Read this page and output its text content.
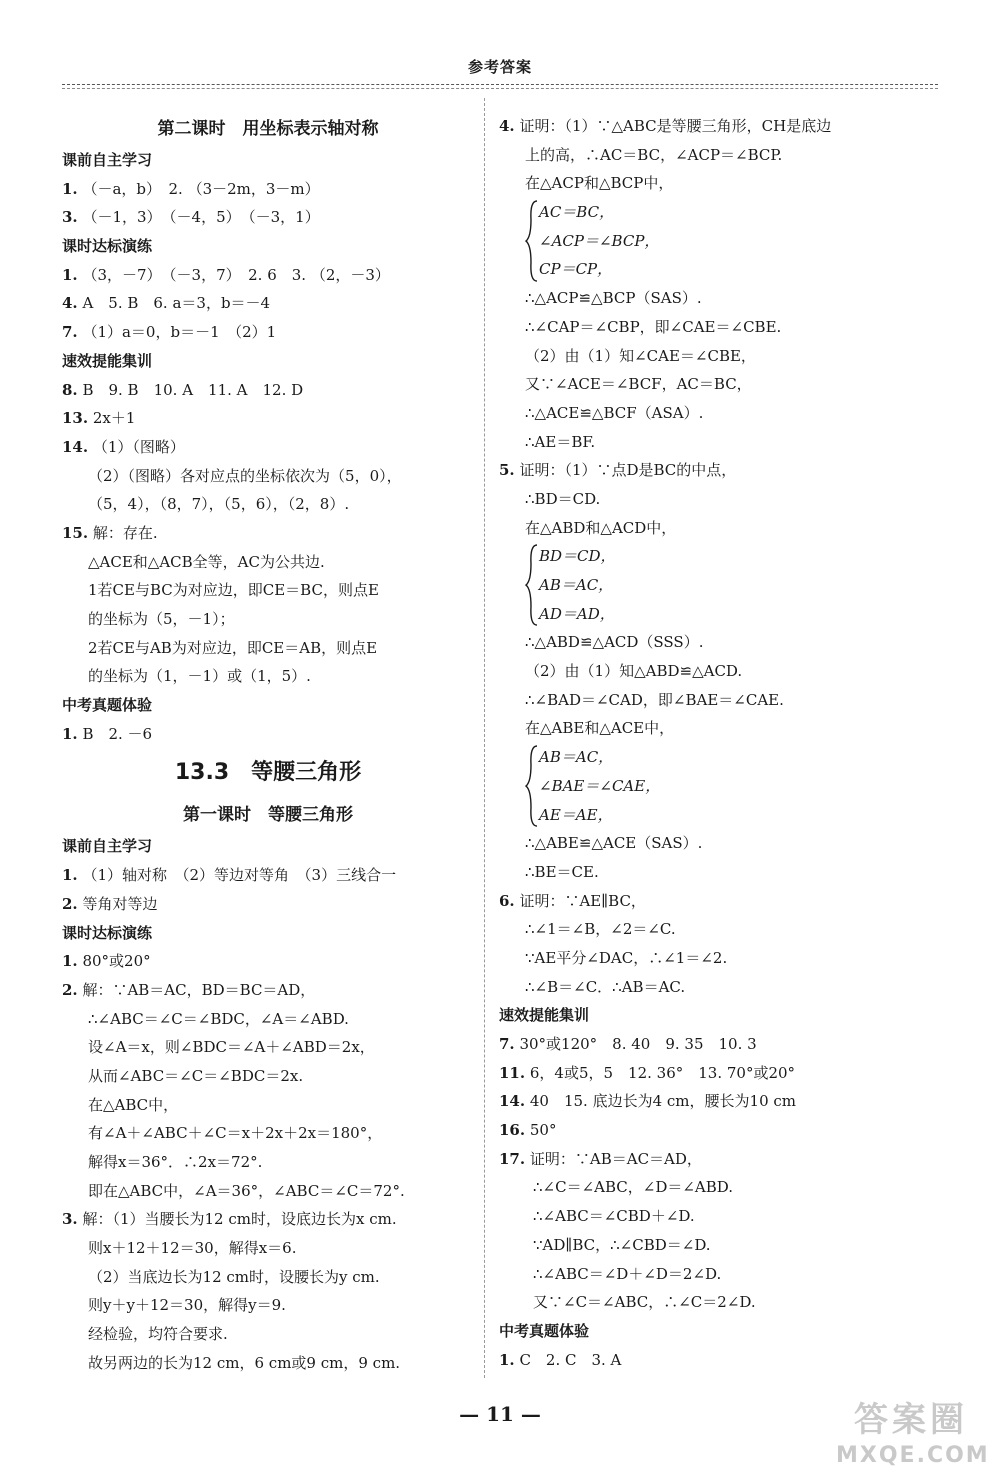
参考答案
第二课时　用坐标表示轴对称
课前自主学习
1. （－a，b）　2. （3－2m，3－m）
3. （－1，3）　（－4，5）　（－3，1）
课时达标演练
1. （3，－7）　（－3，7）　2. 6　3. （2，－3）
4. A　5. B　6. a＝3，b＝－4
7. （1）a＝0，b＝－1　（2）1
速效提能集训
8. B　9. B　10. A　11. A　12. D
13. 2x＋1
14. （1）（图略）
（2）（图略）各对应点的坐标依次为（5，0），
（5，4），（8，7），（5，6），（2，8）.
15. 解：存在.
△ACE和△ACB全等，AC为公共边.
1若CE与BC为对应边，即CE＝BC，则点E
的坐标为（5，－1）；
2若CE与AB为对应边，即CE＝AB，则点E
的坐标为（1，－1）或（1，5）.
中考真题体验
1. B　2. －6
13.3　等腰三角形
第一课时　等腰三角形
课前自主学习
1. （1）轴对称　（2）等边对等角　（3）三线合一
2. 等角对等边
课时达标演练
1. 80°或20°
2. 解：∵AB＝AC，BD＝BC＝AD，
∴∠ABC＝∠C＝∠BDC，∠A＝∠ABD.
设∠A＝x，则∠BDC＝∠A＋∠ABD＝2x，
从而∠ABC＝∠C＝∠BDC＝2x.
在△ABC中，
有∠A＋∠ABC＋∠C＝x＋2x＋2x＝180°，
解得x＝36°．∴2x＝72°.
即在△ABC中，∠A＝36°，∠ABC＝∠C＝72°.
3. 解：（1）当腰长为12 cm时，设底边长为x cm.
则x＋12＋12＝30，解得x＝6.
（2）当底边长为12 cm时，设腰长为y cm.
则y＋y＋12＝30，解得y＝9.
经检验，均符合要求.
故另两边的长为12 cm，6 cm或9 cm，9 cm.
4. 证明：（1）∵△ABC是等腰三角形，CH是底边
上的高，∴AC＝BC，∠ACP＝∠BCP.
在△ACP和△BCP中，
AC＝BC，
∠ACP＝∠BCP，
CP＝CP，
∴△ACP≌△BCP（SAS）.
∴∠CAP＝∠CBP，即∠CAE＝∠CBE.
（2）由（1）知∠CAE＝∠CBE，
又∵∠ACE＝∠BCF，AC＝BC，
∴△ACE≌△BCF（ASA）.
∴AE＝BF.
5. 证明：（1）∵点D是BC的中点，
∴BD＝CD.
在△ABD和△ACD中，
BD＝CD，
AB＝AC，
AD＝AD，
∴△ABD≌△ACD（SSS）.
（2）由（1）知△ABD≌△ACD.
∴∠BAD＝∠CAD，即∠BAE＝∠CAE.
在△ABE和△ACE中，
AB＝AC，
∠BAE＝∠CAE，
AE＝AE，
∴△ABE≌△ACE（SAS）.
∴BE＝CE.
6. 证明：∵AE∥BC，
∴∠1＝∠B，∠2＝∠C.
∵AE平分∠DAC，∴∠1＝∠2.
∴∠B＝∠C．∴AB＝AC.
速效提能集训
7. 30°或120°　8. 40　9. 35　10. 3
11. 6，4或5，5　12. 36°　13. 70°或20°
14. 40　15. 底边长为4 cm，腰长为10 cm
16. 50°
17. 证明：∵AB＝AC＝AD，
∴∠C＝∠ABC，∠D＝∠ABD.
∴∠ABC＝∠CBD＋∠D.
∵AD∥BC，∴∠CBD＝∠D.
∴∠ABC＝∠D＋∠D＝2∠D.
又∵∠C＝∠ABC，∴∠C＝2∠D.
中考真题体验
1. C　2. C　3. A
— 11 —	答案圈
MXQE.COM
